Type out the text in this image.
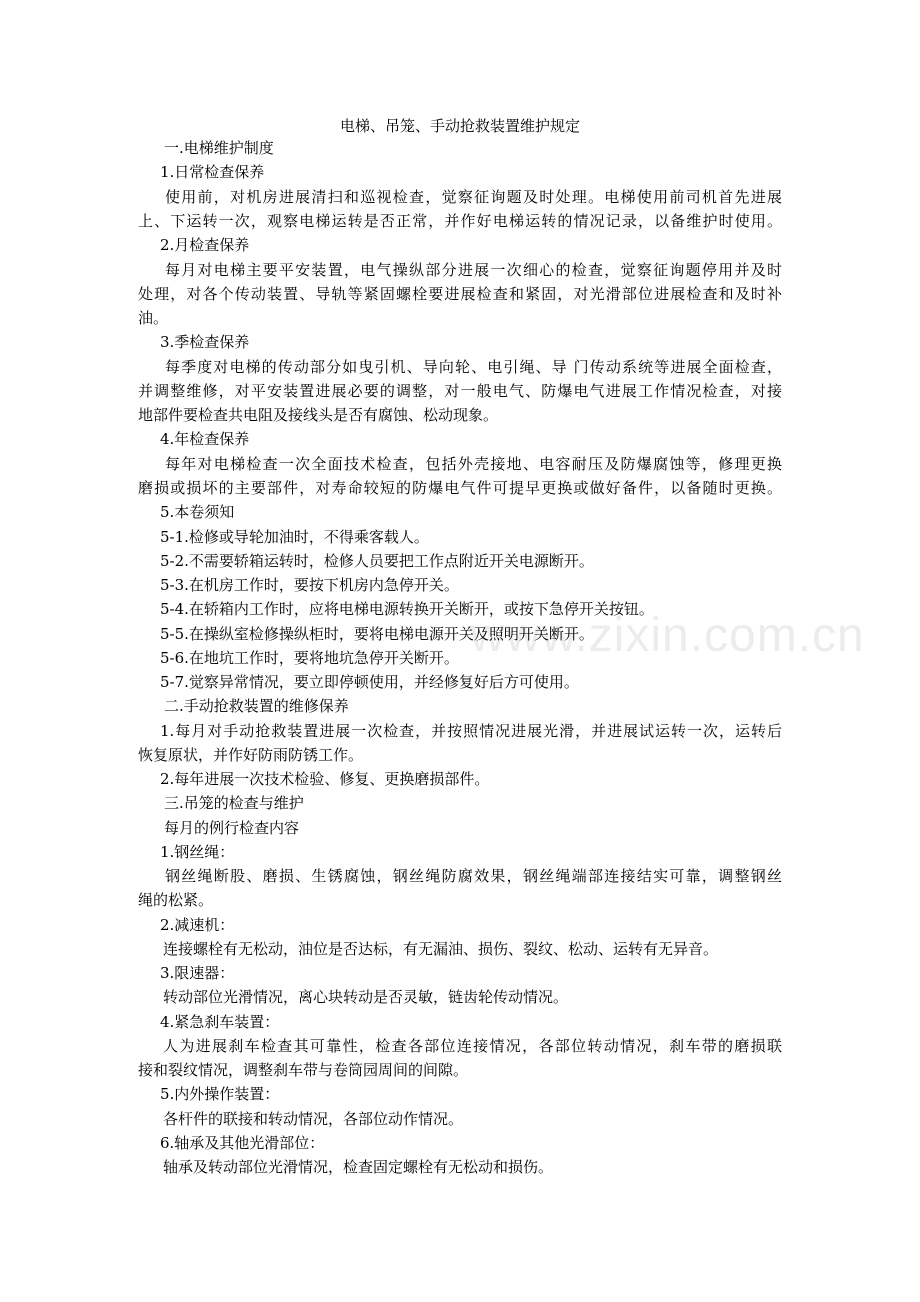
电梯、吊笼、手动抢救装置维护规定
一.电梯维护制度
1.日常检查保养
使用前，对机房进展清扫和巡视检查，觉察征询题及时处理。电梯使用前司机首先进展
上、下运转一次，观察电梯运转是否正常，并作好电梯运转的情况记录，以备维护时使用。
2.月检查保养
每月对电梯主要平安装置，电气操纵部分进展一次细心的检查，觉察征询题停用并及时
处理，对各个传动装置、导轨等紧固螺栓要进展检查和紧固，对光滑部位进展检查和及时补
油。
3.季检查保养
每季度对电梯的传动部分如曳引机、导向轮、电引绳、导 门传动系统等进展全面检查，
并调整维修，对平安装置进展必要的调整，对一般电气、防爆电气进展工作情况检查，对接
地部件要检查共电阻及接线头是否有腐蚀、松动现象。
4.年检查保养
每年对电梯检查一次全面技术检查，包括外壳接地、电容耐压及防爆腐蚀等，修理更换
磨损或损坏的主要部件，对寿命较短的防爆电气件可提早更换或做好备件，以备随时更换。
5.本卷须知
5-1.检修或导轮加油时，不得乘客载人。
5-2.不需要轿箱运转时，检修人员要把工作点附近开关电源断开。
5-3.在机房工作时，要按下机房内急停开关。
5-4.在轿箱内工作时，应将电梯电源转换开关断开，或按下急停开关按钮。
5-5.在操纵室检修操纵柜时，要将电梯电源开关及照明开关断开。
5-6.在地坑工作时，要将地坑急停开关断开。
5-7.觉察异常情况，要立即停顿使用，并经修复好后方可使用。
二.手动抢救装置的维修保养
1.每月对手动抢救装置进展一次检查，并按照情况进展光滑，并进展试运转一次，运转后
恢复原状，并作好防雨防锈工作。
2.每年进展一次技术检验、修复、更换磨损部件。
三.吊笼的检查与维护
每月的例行检查内容
1.钢丝绳：
钢丝绳断股、磨损、生锈腐蚀，钢丝绳防腐效果，钢丝绳端部连接结实可靠，调整钢丝
绳的松紧。
2.减速机：
连接螺栓有无松动，油位是否达标，有无漏油、损伤、裂纹、松动、运转有无异音。
3.限速器：
转动部位光滑情况，离心块转动是否灵敏，链齿轮传动情况。
4.紧急刹车装置：
人为进展刹车检查其可靠性，检查各部位连接情况，各部位转动情况，刹车带的磨损联
接和裂纹情况，调整刹车带与卷筒园周间的间隙。
5.内外操作装置：
各杆件的联接和转动情况，各部位动作情况。
6.轴承及其他光滑部位：
轴承及转动部位光滑情况，检查固定螺栓有无松动和损伤。
www.zixin.com.cn
